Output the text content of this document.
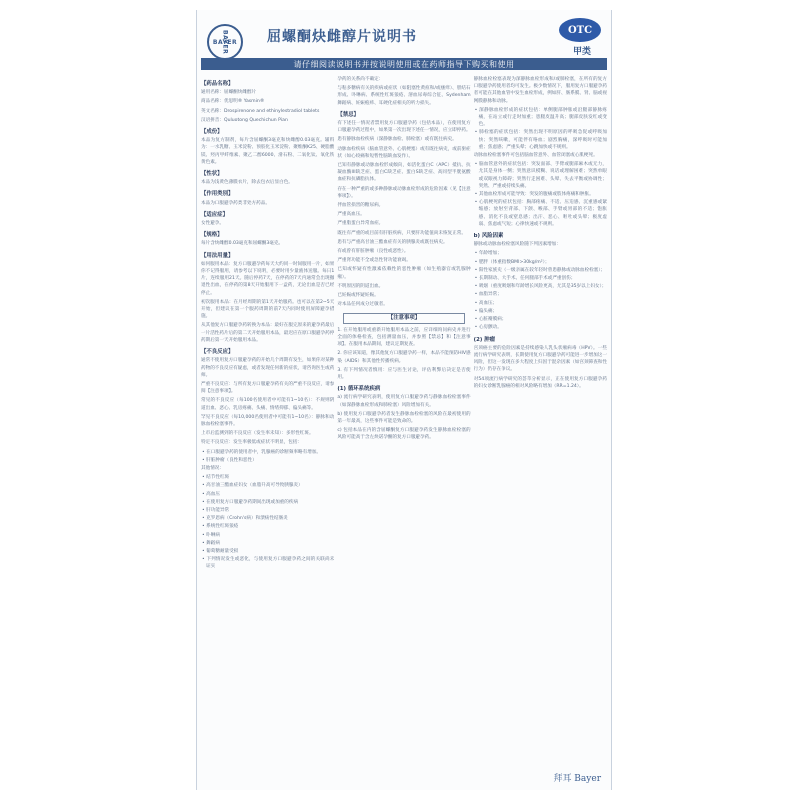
BAYER
BAYER	屈螺酮炔雌醇片说明书	OTC
甲类
请仔细阅读说明书并按说明使用或在药师指导下购买和使用
【药品名称】
通用名称：屈螺酮炔雌醇片
商品名称：优思明® Yasmin®
英文名称：Drospirenone and ethinylestradiol tablets
汉语拼音：Quluotong Quechichun Pian
【成份】
本品为复方制剂，每片含屈螺酮3毫克和炔雌醇0.03毫克。辅料为：一水乳糖、玉米淀粉、预胶化玉米淀粉、聚维酮K25、硬脂酸镁、羟丙甲纤维素、聚乙二醇6000、滑石粉、二氧化钛、氧化铁黄色素。
【性状】
本品为浅黄色薄膜衣片，除去包衣后显白色。
【作用类别】
本品为口服避孕药类非处方药品。
【适应症】
女性避孕。
【规格】
每片含炔雌醇0.03毫克和屈螺酮3毫克。
【用法用量】
如何服用本品：复方口服避孕药每天大约同一时间服用一片，如果你不记得服用，请参考以下说明，必要时用少量液体送服。每日1片，连续服用21天。随后停药7天，在停药的7天内通常会出现撤退性出血，在停药的第8天开始服用下一盒药，无论出血是否已经停止。
初次服用本品：在月经周期的第1天开始服药。也可以在第2~5天开始，但建议在第一个服药周期的前7天内同时使用屏障避孕措施。
从其他复方口服避孕药转换为本品：最好在服完原来的避孕药最后一片活性药片后的第二天开始服用本品，最迟应在原口服避孕药停药期后第一天开始服用本品。
【不良反应】
通常不使用复方口服避孕药的开始几个周期有发生，如果你对某种药物的不良反应有疑虑，或者发现任何新的症状，请咨询医生或药师。
严重不良反应：与所有复方口服避孕药有关的严重不良反应，请参阅【注意事项】。
常见的不良反应（每100名使用者中可能有1~10名）：不规则阴道出血、恶心、乳房疼痛、头痛、情绪抑郁、偏头痛等。
罕见不良反应（每10,000名使用者中可能有1~10名）：静脉和动脉血栓栓塞事件。
上市后监测到的不良反应（发生率未知）：多形性红斑。
特定不良反应：发生率极低或症状不明显，包括：
• 在口服避孕药的使用者中，乳腺癌的诊断频率略有增加。
• 肝脏肿瘤（良性和恶性）
其他情况：
• 结节性红斑
• 高甘油三酯血症妇女（血脂升高可导致胰腺炎）
• 高血压
• 在使用复方口服避孕药期间出现或加重的疾病
• 肝功能异常
• 克罗恩病（Crohn's病）和溃疡性结肠炎
• 系统性红斑狼疮
• 卟啉病
• 舞蹈病
• 葡萄糖耐量受损
• 下列情况发生或恶化，与使用复方口服避孕药之间的关联尚未证实
孕药的关系尚不确定：
与粘多糖病有关的疾病或症状（如阻塞性黄疸和/或瘙痒）、胆结石形成、卟啉病、系统性红斑狼疮、溶血尿毒综合征、Sydenham舞蹈病、妊娠疱疹、耳硬化症相关的听力损失。
【禁忌】
有下述任一情况者禁用复方口服避孕药（包括本品），在使用复方口服避孕药过程中，如果第一次出现下述任一情况，应立即停药。
患有静脉血栓疾病（深静脉血栓、肺栓塞）或有既往病史。
动脉血栓疾病（脑血管意外、心肌梗塞）或有既往病史，或前驱症状（如心绞痛和短暂性脑缺血发作）。
已知有静脉或动脉血栓形成倾向，如活化蛋白C（APC）抵抗、抗凝血酶III缺乏症、蛋白C缺乏症、蛋白S缺乏症、高同型半胱氨酸血症和抗磷脂抗体。
存在一种严重的或多种静脉或动脉血栓形成的危险因素（见【注意事项】）。
伴血管损害的糖尿病。
严重高血压。
严重脂蛋白异常血症。
既往有严重的或目前有肝脏疾病，只要肝功能值尚未恢复正常。
患有与严重高甘油三酯血症有关的胰腺炎或既往病史。
有或曾有肝脏肿瘤（良性或恶性）。
严重肾功能不全或急性肾功能衰竭。
已知或怀疑有性激素依赖性的恶性肿瘤（如生殖器官或乳腺肿瘤）。
不明原因的阴道出血。
已妊娠或怀疑妊娠。
对本品任何成分过敏者。
【注意事项】
1. 在开始服用或重新开始服用本品之前，应详细询问病史并进行全面的体格检查，包括测量血压，并参照【禁忌】和【注意事项】。在服用本品期间，建议定期复查。
2. 你应该知道，像其他复方口服避孕药一样，本品不能预防HIV感染（AIDS）和其他性传播疾病。
3. 有下列情况者慎用：应与医生讨论，评估利弊后决定是否使用。
(1) 循环系统疾病
a) 流行病学研究表明，使用复方口服避孕药与静脉血栓栓塞事件（如深静脉血栓形成和肺栓塞）风险增加有关。
b) 使用复方口服避孕药者发生静脉血栓栓塞的风险在最初使用的第一年最高，这些事件可能是致命的。
c) 包括本品在内的含屈螺酮复方口服避孕药发生静脉血栓栓塞的风险可能高于含左炔诺孕酮的复方口服避孕药。
静脉血栓栓塞表现为深静脉血栓形成和/或肺栓塞，在所有的复方口服避孕药使用者均可发生。极少数情况下，服用复方口服避孕药者可能在其他血管中发生血栓形成，例如肝、肠系膜、肾、脑或视网膜静脉和动脉。
• 深静脉血栓形成的症状包括：单侧腿部肿胀或沿腿部静脉疼痛，在站立或行走时加重；患腿皮温升高；腿部皮肤发红或变色。
• 肺栓塞的症状包括：突然出现不明原因的呼吸急促或呼吸加快；突然咳嗽，可能伴有咯血；剧烈胸痛，深呼吸时可能加重；焦虑感；严重头晕；心跳加快或不规则。
动脉血栓栓塞事件可包括脑血管意外、血管闭塞或心肌梗死。
• 脑血管意外的症状包括：突发面部、手臂或腿部麻木或无力，尤其是身体一侧；突然意识模糊、说话或理解困难；突然单眼或双眼视力障碍；突然行走困难、头晕、失去平衡或协调性；突然、严重或持续头痛。
• 其他血栓形成可能导致：突发的腹痛或肢体疼痛和肿胀。
• 心肌梗死的症状包括：胸部疼痛、不适、压迫感、沉重感或紧缩感；放射至背部、下颌、喉部、手臂或胃部的不适；饱胀感、消化不良或窒息感；出汗、恶心、呕吐或头晕；极度虚弱、焦虑或气短；心律快速或不规则。
b) 风险因素
静脉或动脉血栓栓塞风险随下列因素增加：
• 年龄增加；
• 肥胖（体重指数BMI>30kg/m²）；
• 阳性家族史（一级亲属在较年轻时曾患静脉或动脉血栓栓塞）；
• 长期制动、大手术、任何腿部手术或严重创伤；
• 吸烟（重度吸烟和年龄增长风险更高，尤其是35岁以上妇女）；
• 血脂异常；
• 高血压；
• 偏头痛；
• 心脏瓣膜病；
• 心房颤动。
(2) 肿瘤
宫颈癌主要的危险因素是持续感染人乳头状瘤病毒（HPV）。一些流行病学研究表明，长期使用复方口服避孕药可能进一步增加这一风险，但这一发现在多大程度上归因于混杂因素（如宫颈筛查和性行为）仍存在争议。
对54项流行病学研究的荟萃分析显示，正在使用复方口服避孕药的妇女诊断乳腺癌的相对风险略有增加（RR=1.24）。
拜耳 Bayer
